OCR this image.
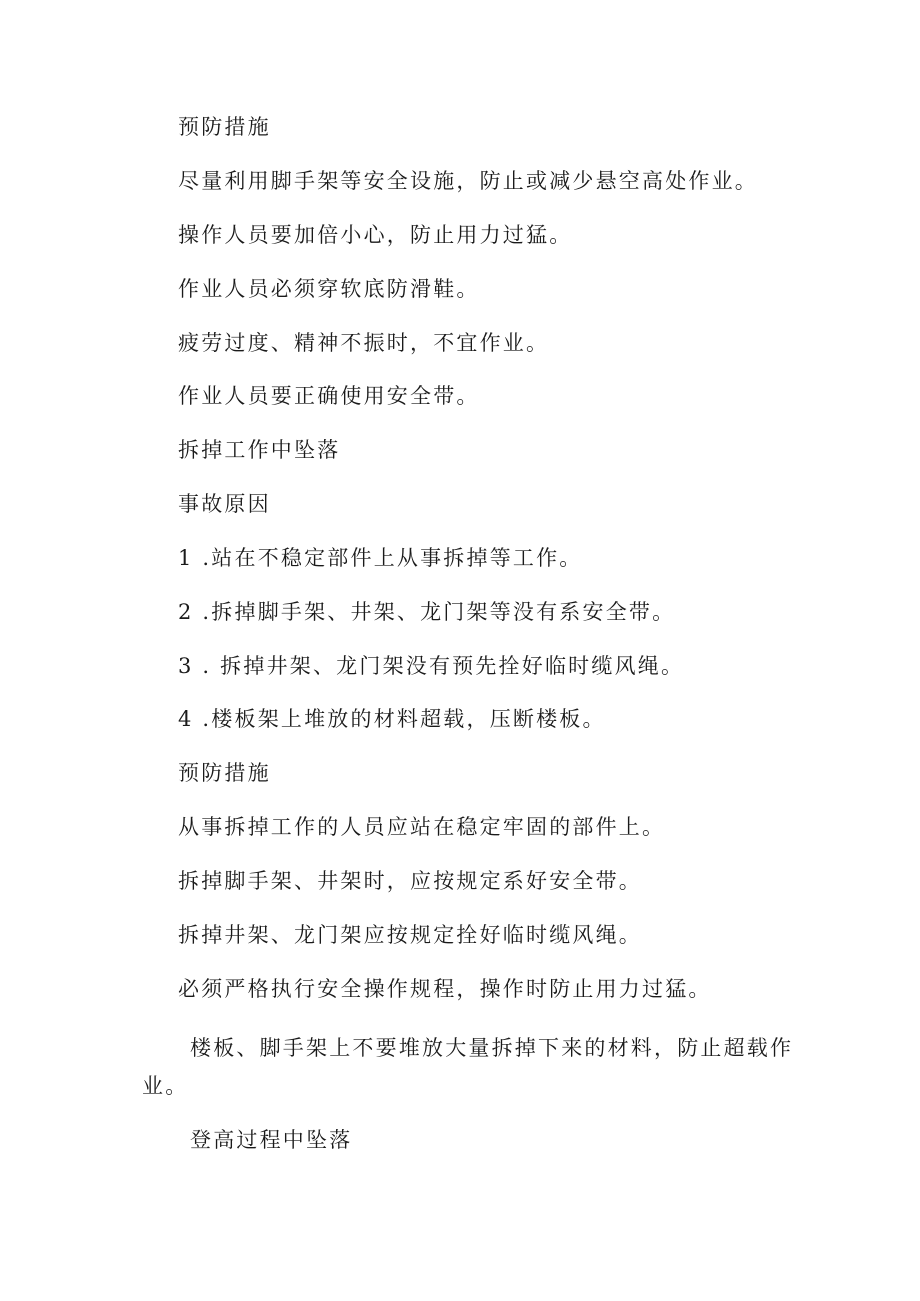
预防措施
尽量利用脚手架等安全设施，防止或减少悬空高处作业。
操作人员要加倍小心，防止用力过猛。
作业人员必须穿软底防滑鞋。
疲劳过度、精神不振时，不宜作业。
作业人员要正确使用安全带。
拆掉工作中坠落
事故原因
1 .站在不稳定部件上从事拆掉等工作。
2 .拆掉脚手架、井架、龙门架等没有系安全带。
3 . 拆掉井架、龙门架没有预先拴好临时缆风绳。
4 .楼板架上堆放的材料超载，压断楼板。
预防措施
从事拆掉工作的人员应站在稳定牢固的部件上。
拆掉脚手架、井架时，应按规定系好安全带。
拆掉井架、龙门架应按规定拴好临时缆风绳。
必须严格执行安全操作规程，操作时防止用力过猛。
楼板、脚手架上不要堆放大量拆掉下来的材料，防止超载作
业。
登高过程中坠落
